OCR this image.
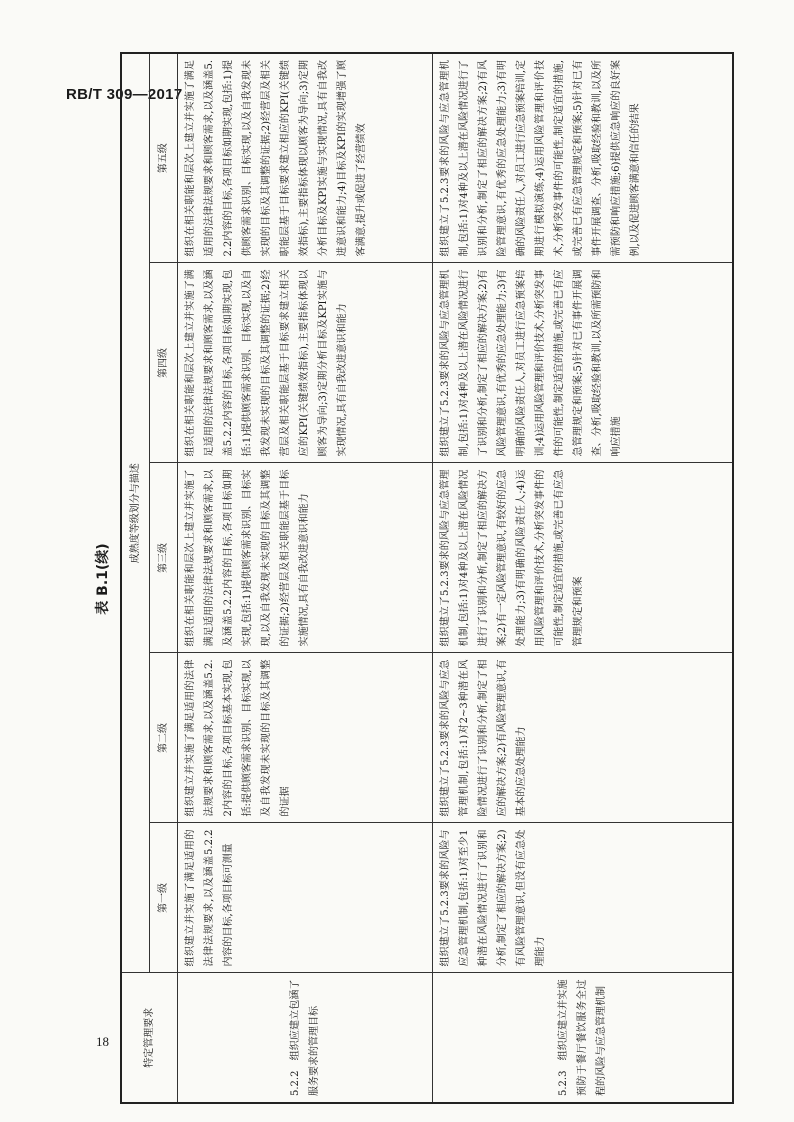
RB/T 309—2017
表 B.1(续)
特定管理要求	成熟度等级划分与描述				
	第一级	第二级	第三级	第四级	第五级
5.2.2　组织应建立包涵了服务要求的管理目标	组织建立并实施了满足适用的法律法规要求,以及涵盖5.2.2内容的目标,各项目标可测量	组织建立并实施了满足适用的法律法规要求和顾客需求,以及涵盖5.2.2内容的目标,各项目标基本实现,包括:提供顾客需求识别、目标实现,以及自我发现未实现的目标及其调整的证据	组织在相关职能和层次上建立并实施了满足适用的法律法规要求和顾客需求,以及涵盖5.2.2内容的目标,各项目标如期实现,包括:1)提供顾客需求识别、目标实现,以及自我发现未实现的目标及其调整的证据;2)经营层及相关职能层基于目标实施情况,具有自我改进意识和能力	组织在相关职能和层次上建立并实施了满足适用的法律法规要求和顾客需求,以及涵盖5.2.2内容的目标,各项目标如期实现,包括:1)提供顾客需求识别、目标实现,以及自我发现未实现的目标及其调整的证据;2)经营层及相关职能层基于目标要求建立相关应的KPI(关键绩效指标),主要指标体现以顾客为导向;3)定期分析目标及KPI实施与实现情况,具有自我改进意识和能力	组织在相关职能和层次上建立并实施了满足适用的法律法规要求和顾客需求,以及涵盖5.2.2内容的目标,各项目标如期实现,包括:1)提供顾客需求识别、目标实现,以及自我发现未实现的目标及其调整的证据;2)经营层及相关职能层基于目标要求建立相应的KPI(关键绩效指标),主要指标体现以顾客为导向;3)定期分析目标及KPI实施与实现情况,具有自我改进意识和能力;4)目标及KPI的实现增强了顾客满意,提升或促进了经营绩效
5.2.3　组织应建立并实施预防于餐厅餐饮服务全过程的风险与应急管理机制	组织建立了5.2.3要求的风险与应急管理机制,包括:1)对至少1种潜在风险情况进行了识别和分析,制定了相应的解决方案;2)有风险管理意识,但没有应急处理能力	组织建立了5.2.3要求的风险与应急管理机制,包括:1)对2~3种潜在风险情况进行了识别和分析,制定了相应的解决方案;2)有风险管理意识,有基本的应急处理能力	组织建立了5.2.3要求的风险与应急管理机制,包括:1)对4种及以上潜在风险情况进行了识别和分析,制定了相应的解决方案;2)有一定风险管理意识,有较好的应急处理能力;3)有明确的风险责任人;4)运用风险管理和评价技术,分析突发事件的可能性,制定适宜的措施,或完善已有应急管理规定和预案	组织建立了5.2.3要求的风险与应急管理机制,包括:1)对4种及以上潜在风险情况进行了识别和分析,制定了相应的解决方案;2)有风险管理意识,有优秀的应急处理能力;3)有明确的风险责任人,对员工进行应急预案培训;4)运用风险管理和评价技术,分析突发事件的可能性,制定适宜的措施,或完善已有应急管理规定和预案;5)针对已有事件开展调查、分析,吸取经验和教训,以及所需预防和响应措施	组织建立了5.2.3要求的风险与应急管理机制,包括:1)对4种及以上潜在风险情况进行了识别和分析,制定了相应的解决方案;2)有风险管理意识,有优秀的应急处理能力;3)有明确的风险责任人,对员工进行应急预案培训,定期进行模拟演练;4)运用风险管理和评价技术,分析突发事件的可能性,制定适宜的措施,或完善已有应急管理规定和预案;5)针对已有事件开展调查、分析,吸取经验和教训,以及所需预防和响应措施;6)提供应急响应的良好案例,以及促进顾客满意和信任的结果
18
